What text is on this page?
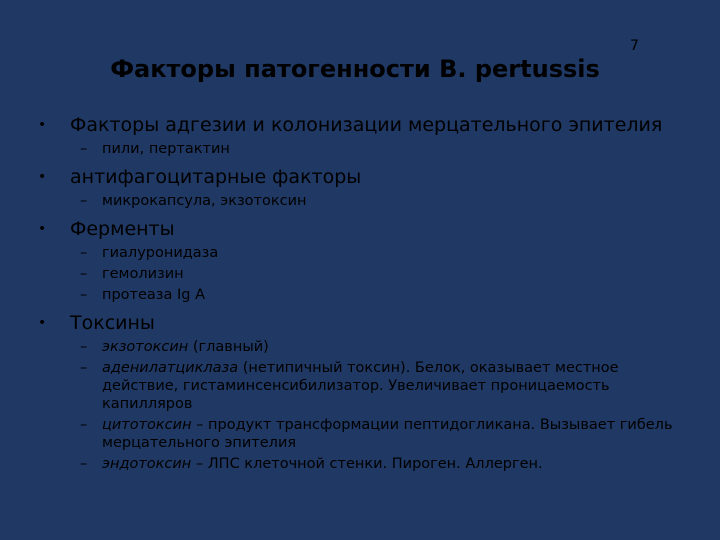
7
Факторы патогенности B. pertussis
•	Факторы адгезии и колонизации мерцательного эпителия
–	пили, пертактин
•	антифагоцитарные факторы
–	микрокапсула, экзотоксин
•	Ферменты
–	гиалуронидаза
–	гемолизин
–	протеаза Ig A
•	Токсины
–	экзотоксин (главный)
–	аденилатциклаза (нетипичный токсин). Белок, оказывает местное действие, гистаминсенсибилизатор. Увеличивает проницаемость капилляров
–	цитотоксин – продукт трансформации пептидогликана. Вызывает гибель мерцательного эпителия
–	эндотоксин – ЛПС клеточной стенки. Пироген. Аллерген.
